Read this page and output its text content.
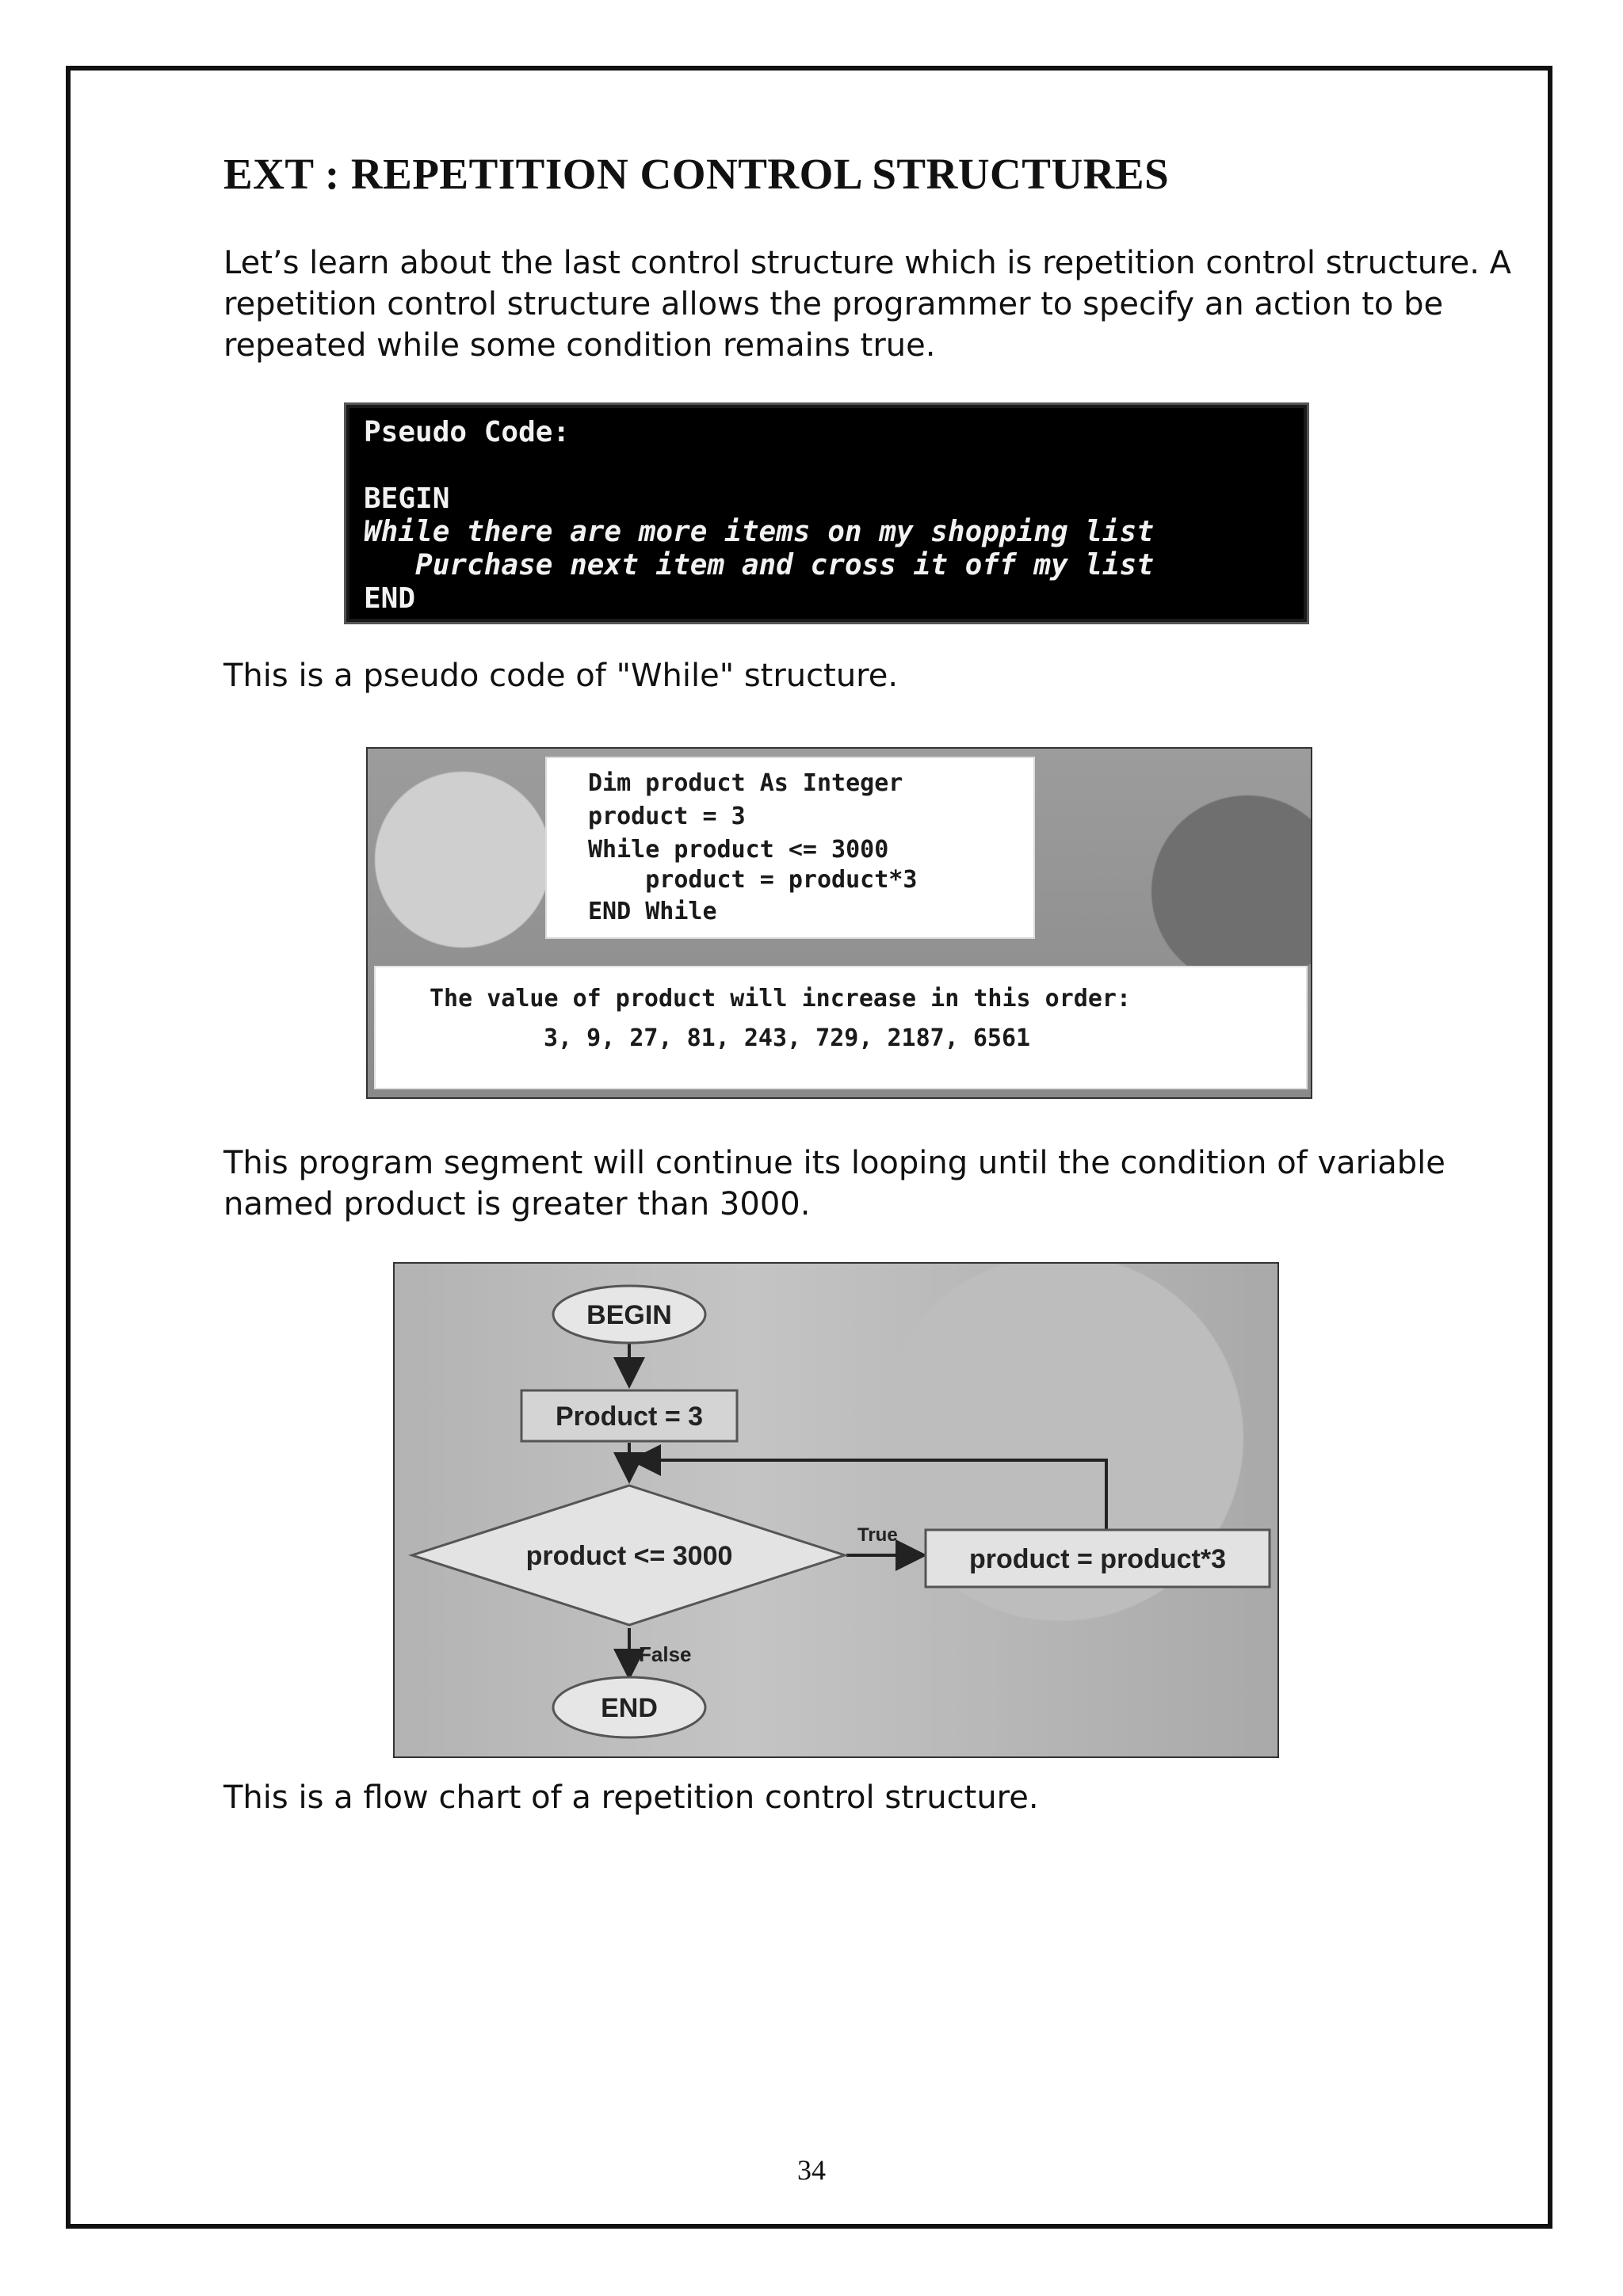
EXT : REPETITION CONTROL STRUCTURES

Let’s learn about the last control structure which is repetition control structure. A repetition control structure allows the programmer to specify an action to be repeated while some condition remains true.

Pseudo Code:
BEGIN
While there are more items on my shopping list
Purchase next item and cross it off my list
END

This is a pseudo code of "While" structure.

Dim product As Integer
product = 3
While product <= 3000
product = product*3
END While
The value of product will increase in this order:
3, 9, 27, 81, 243, 729, 2187, 6561

This program segment will continue its looping until the condition of variable named product is greater than 3000.

BEGIN
Product = 3
product <= 3000
True
product = product*3
False
END

This is a flow chart of a repetition control structure.

34
